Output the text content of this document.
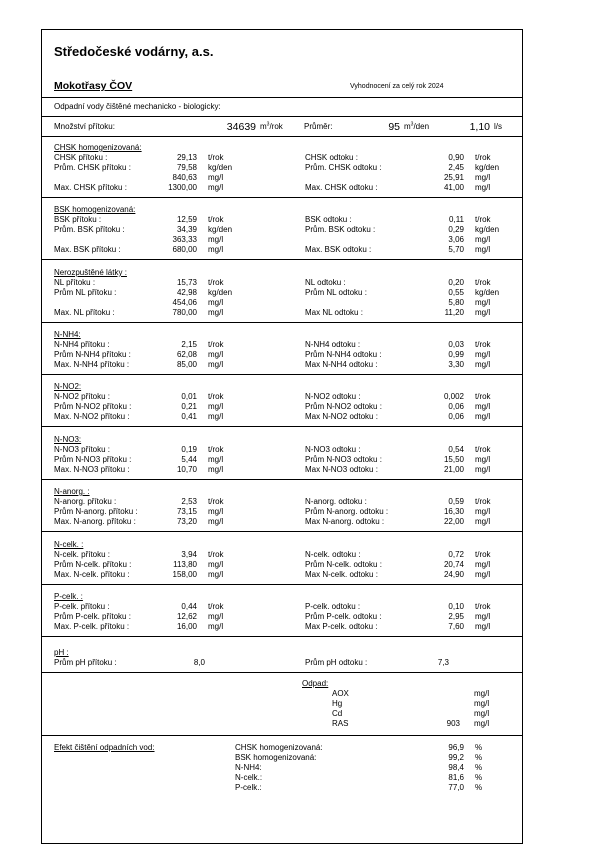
Středočeské vodárny, a.s.
Mokotřasy ČOV	Vyhodnocení za celý rok 2024
Odpadní vody čištěné mechanicko - biologicky:
Množství přítoku:	34639 $m^3$/rok	Průměr:	95 $m^3$/den	1,10 l/s
CHSK homogenizovaná:
CHSK přítoku :	29,13 t/rok	CHSK odtoku :	0,90 t/rok
Prům. CHSK přítoku :	79,58 kg/den	Prům. CHSK odtoku :	2,45 kg/den
840,63 mg/l	25,91 mg/l
Max. CHSK přítoku :	1300,00 mg/l	Max. CHSK odtoku :	41,00 mg/l
BSK homogenizovaná:
BSK přítoku :	12,59 t/rok	BSK odtoku :	0,11 t/rok
Prům. BSK přítoku :	34,39 kg/den	Prům. BSK odtoku :	0,29 kg/den
363,33 mg/l	3,06 mg/l
Max. BSK přítoku :	680,00 mg/l	Max. BSK odtoku :	5,70 mg/l
Nerozpuštěné látky :
NL přítoku :	15,73 t/rok	NL odtoku :	0,20 t/rok
Prům NL přítoku :	42,98 kg/den	Prům NL odtoku :	0,55 kg/den
454,06 mg/l	5,80 mg/l
Max. NL přítoku :	780,00 mg/l	Max NL odtoku :	11,20 mg/l
N-NH4:
N-NH4 přítoku :	2,15 t/rok	N-NH4 odtoku :	0,03 t/rok
Prům N-NH4 přítoku :	62,08 mg/l	Prům N-NH4 odtoku :	0,99 mg/l
Max. N-NH4 přítoku :	85,00 mg/l	Max N-NH4 odtoku :	3,30 mg/l
N-NO2:
N-NO2 přítoku :	0,01 t/rok	N-NO2 odtoku :	0,002 t/rok
Prům N-NO2 přítoku :	0,21 mg/l	Prům N-NO2 odtoku :	0,06 mg/l
Max. N-NO2 přítoku :	0,41 mg/l	Max N-NO2 odtoku :	0,06 mg/l
N-NO3:
N-NO3 přítoku :	0,19 t/rok	N-NO3 odtoku :	0,54 t/rok
Prům N-NO3 přítoku :	5,44 mg/l	Prům N-NO3 odtoku :	15,50 mg/l
Max. N-NO3 přítoku :	10,70 mg/l	Max N-NO3 odtoku :	21,00 mg/l
N-anorg. :
N-anorg. přítoku :	2,53 t/rok	N-anorg. odtoku :	0,59 t/rok
Prům N-anorg. přítoku :	73,15 mg/l	Prům N-anorg. odtoku :	16,30 mg/l
Max. N-anorg. přítoku :	73,20 mg/l	Max N-anorg. odtoku :	22,00 mg/l
N-celk. :
N-celk. přítoku :	3,94 t/rok	N-celk. odtoku :	0,72 t/rok
Prům N-celk. přítoku :	113,80 mg/l	Prům N-celk. odtoku :	20,74 mg/l
Max. N-celk. přítoku :	158,00 mg/l	Max N-celk. odtoku :	24,90 mg/l
P-celk. :
P-celk. přítoku :	0,44 t/rok	P-celk. odtoku :	0,10 t/rok
Prům P-celk. přítoku :	12,62 mg/l	Prům P-celk. odtoku :	2,95 mg/l
Max. P-celk. přítoku :	16,00 mg/l	Max P-celk. odtoku :	7,60 mg/l
pH :
Prům pH přítoku :	8,0	Prům pH odtoku :	7,3
Odpad:
AOX	mg/l
Hg	mg/l
Cd	mg/l
RAS	903 mg/l
Efekt čištění odpadních vod:	CHSK homogenizovaná:	96,9 %
BSK homogenizovaná:	99,2 %
N-NH4:	98,4 %
N-celk.:	81,6 %
P-celk.:	77,0 %
